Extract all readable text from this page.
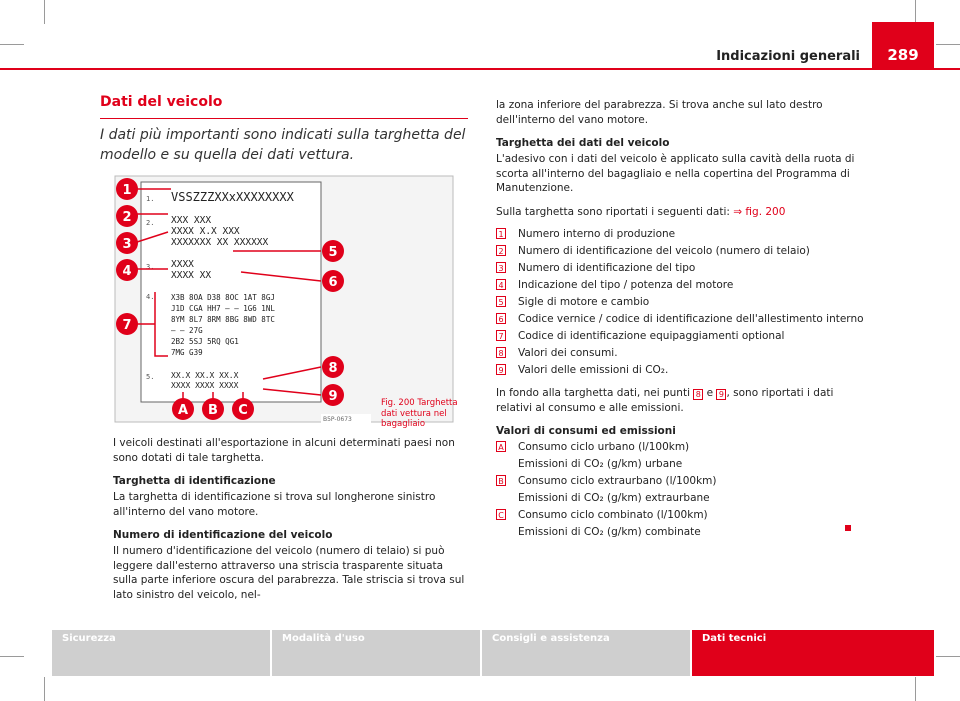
Indicazioni generali	289
Dati del veicolo
I dati più importanti sono indicati sulla targhetta del modello e su quella dei dati vettura.
1.
2.
3.
4.
5.
VSSZZZXXxXXXXXXXX
XXX XXX
XXXX X.X XXX
XXXXXXX XX XXXXXX
XXXX
XXXX XX
X3B 8OA D38 8OC 1AT 8GJ
J1D CGA HH7 – – 1G6 1NL
8YM 8L7 8RM 8BG 8WD 8TC
– – 27G
2B2 5SJ 5RQ QG1
7MG G39
XX.X XX.X XX.X
XXXX XXXX XXXX
1
2
3
4
5
6
7
8
9
A B C
B5P-0673
Fig. 200 Targhetta dati vettura nel bagagliaio
I veicoli destinati all'esportazione in alcuni determinati paesi non sono dotati di tale targhetta.
Targhetta di identificazione
La targhetta di identificazione si trova sul longherone sinistro all'interno del vano motore.
Numero di identificazione del veicolo
Il numero d'identificazione del veicolo (numero di telaio) si può leggere dall'esterno attraverso una striscia trasparente situata sulla parte inferiore oscura del parabrezza. Tale striscia si trova sul lato sinistro del veicolo, nel-
la zona inferiore del parabrezza. Si trova anche sul lato destro dell'interno del vano motore.
Targhetta dei dati del veicolo
L'adesivo con i dati del veicolo è applicato sulla cavità della ruota di scorta all'interno del bagagliaio e nella copertina del Programma di Manutenzione.
Sulla targhetta sono riportati i seguenti dati: ⇒ fig. 200
1 Numero interno di produzione
2 Numero di identificazione del veicolo (numero di telaio)
3 Numero di identificazione del tipo
4 Indicazione del tipo / potenza del motore
5 Sigle di motore e cambio
6 Codice vernice / codice di identificazione dell'allestimento interno
7 Codice di identificazione equipaggiamenti optional
8 Valori dei consumi.
9 Valori delle emissioni di CO₂.
In fondo alla targhetta dati, nei punti 8 e 9 , sono riportati i dati relativi al consumo e alle emissioni.
Valori di consumi ed emissioni
A Consumo ciclo urbano (l/100km)
Emissioni di CO₂ (g/km) urbane
B Consumo ciclo extraurbano (l/100km)
Emissioni di CO₂ (g/km) extraurbane
C Consumo ciclo combinato (l/100km)
Emissioni di CO₂ (g/km) combinate
Sicurezza	Modalità d'uso	Consigli e assistenza	Dati tecnici
